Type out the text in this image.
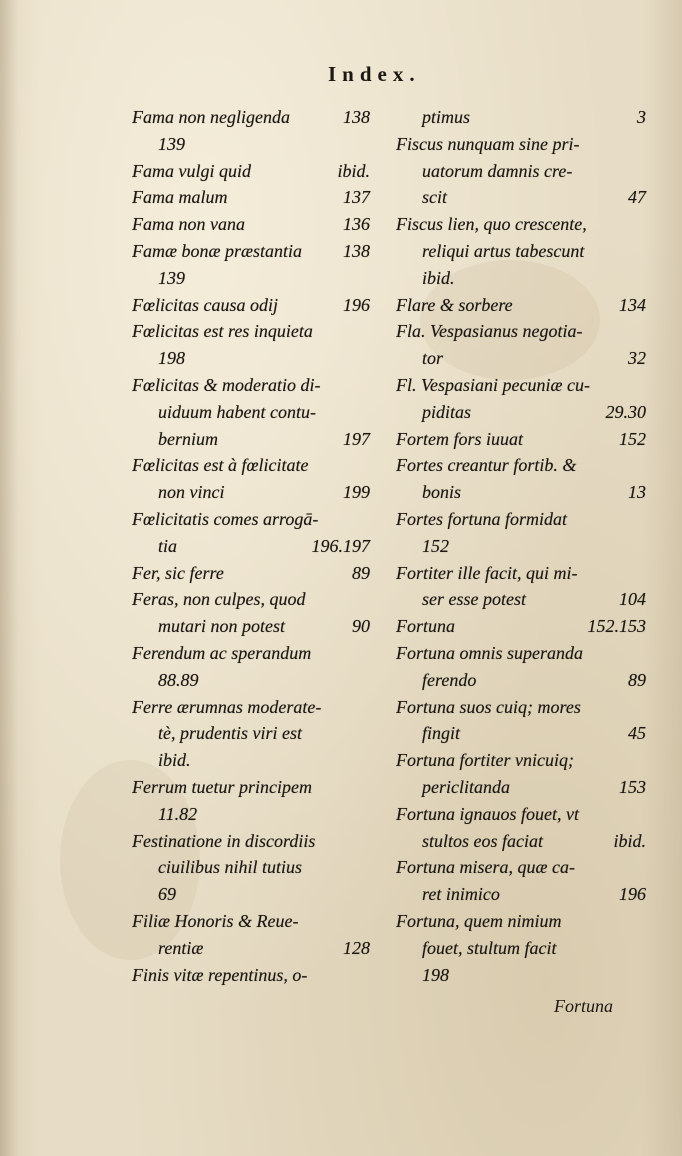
Index.
Fama non negligenda	138
139
Fama vulgi quid	ibid.
Fama malum	137
Fama non vana	136
Famæ bonæ præstantia 138
139
Fœlicitas causa odij	196
Fœlicitas est res inquieta
198
Fœlicitas & moderatio di-
uiduum habent contu-
bernium	197
Fœlicitas est à fœlicitate
non vinci	199
Fœlicitatis comes arrogā-
tia	196.197
Fer, sic ferre	89
Feras, non culpes, quod
mutari non potest	90
Ferendum ac sperandum
88.89
Ferre ærumnas moderate-
tè, prudentis viri est
ibid.
Ferrum tuetur principem
11.82
Festinatione in discordiis
ciuilibus nihil tutius
69
Filiæ Honoris & Reue-
rentiæ	128
Finis vitæ repentinus, o-
ptimus	3
Fiscus nunquam sine pri-
uatorum damnis cre-
scit	47
Fiscus lien, quo crescente,
reliqui artus tabescunt
ibid.
Flare & sorbere	134
Fla. Vespasianus negotia-
tor	32
Fl. Vespasiani pecuniæ cu-
piditas	29.30
Fortem fors iuuat	152
Fortes creantur fortib. &
bonis	13
Fortes fortuna formidat
152
Fortiter ille facit, qui mi-
ser esse potest	104
Fortuna	152.153
Fortuna omnis superanda
ferendo	89
Fortuna suos cuiq; mores
fingit	45
Fortuna fortiter vnicuiq;
periclitanda	153
Fortuna ignauos fouet, vt
stultos eos faciat	ibid.
Fortuna misera, quæ ca-
ret inimico	196
Fortuna, quem nimium
fouet, stultum facit
198
Fortuna
